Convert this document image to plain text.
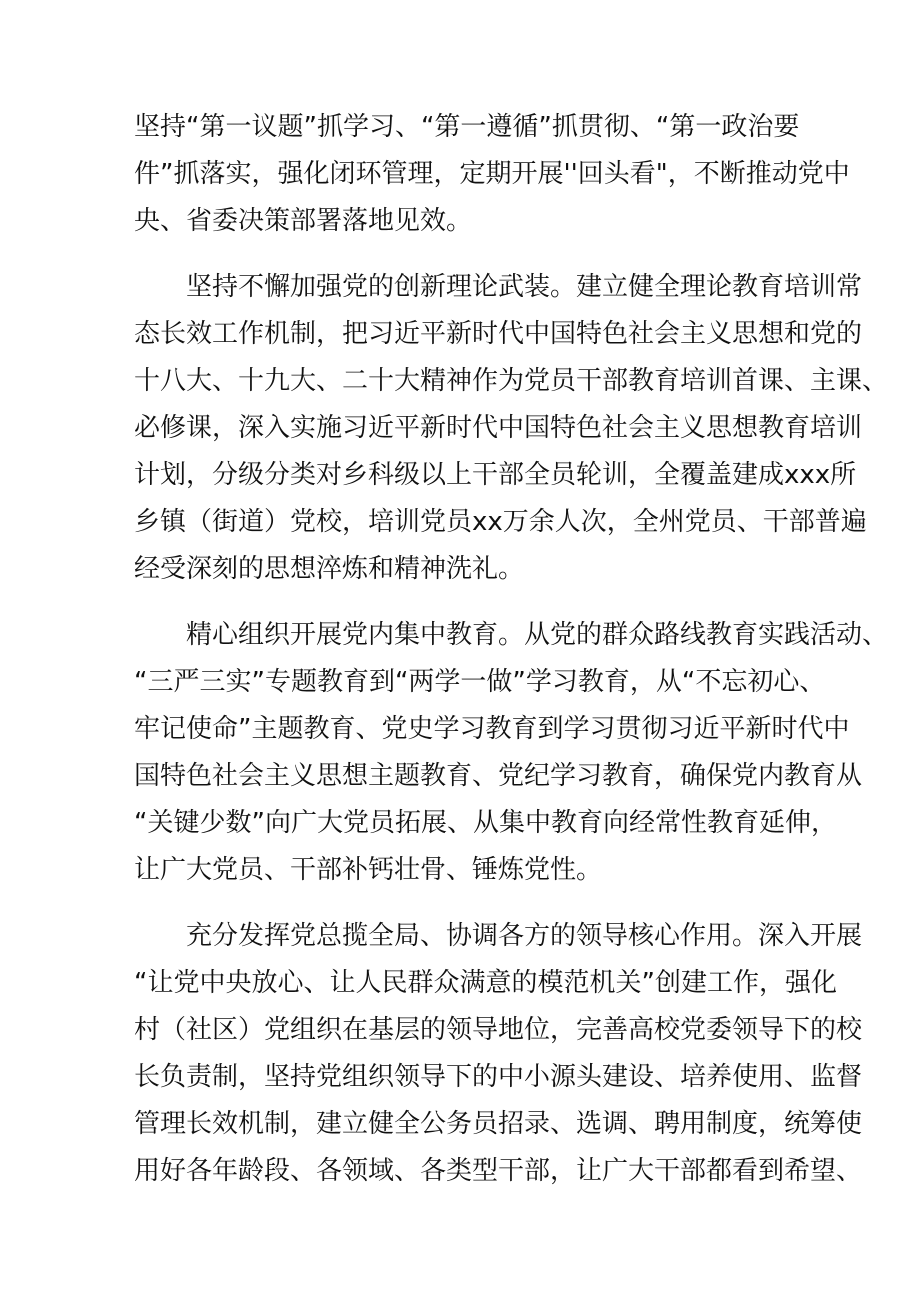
坚持“第一议题”抓学习、“第一遵循”抓贯彻、“第一政治要
件”抓落实，强化闭环管理，定期开展''回头看"，不断推动党中
央、省委决策部署落地见效。
坚持不懈加强党的创新理论武装。建立健全理论教育培训常
态长效工作机制，把习近平新时代中国特色社会主义思想和党的
十八大、十九大、二十大精神作为党员干部教育培训首课、主课、
必修课，深入实施习近平新时代中国特色社会主义思想教育培训
计划，分级分类对乡科级以上干部全员轮训，全覆盖建成xxx所
乡镇（街道）党校，培训党员xx万余人次，全州党员、干部普遍
经受深刻的思想淬炼和精神洗礼。
精心组织开展党内集中教育。从党的群众路线教育实践活动、
“三严三实”专题教育到“两学一做”学习教育，从“不忘初心、
牢记使命”主题教育、党史学习教育到学习贯彻习近平新时代中
国特色社会主义思想主题教育、党纪学习教育，确保党内教育从
“关键少数”向广大党员拓展、从集中教育向经常性教育延伸，
让广大党员、干部补钙壮骨、锤炼党性。
充分发挥党总揽全局、协调各方的领导核心作用。深入开展
“让党中央放心、让人民群众满意的模范机关”创建工作，强化
村（社区）党组织在基层的领导地位，完善高校党委领导下的校
长负责制，坚持党组织领导下的中小源头建设、培养使用、监督
管理长效机制，建立健全公务员招录、选调、聘用制度，统筹使
用好各年龄段、各领域、各类型干部，让广大干部都看到希望、
